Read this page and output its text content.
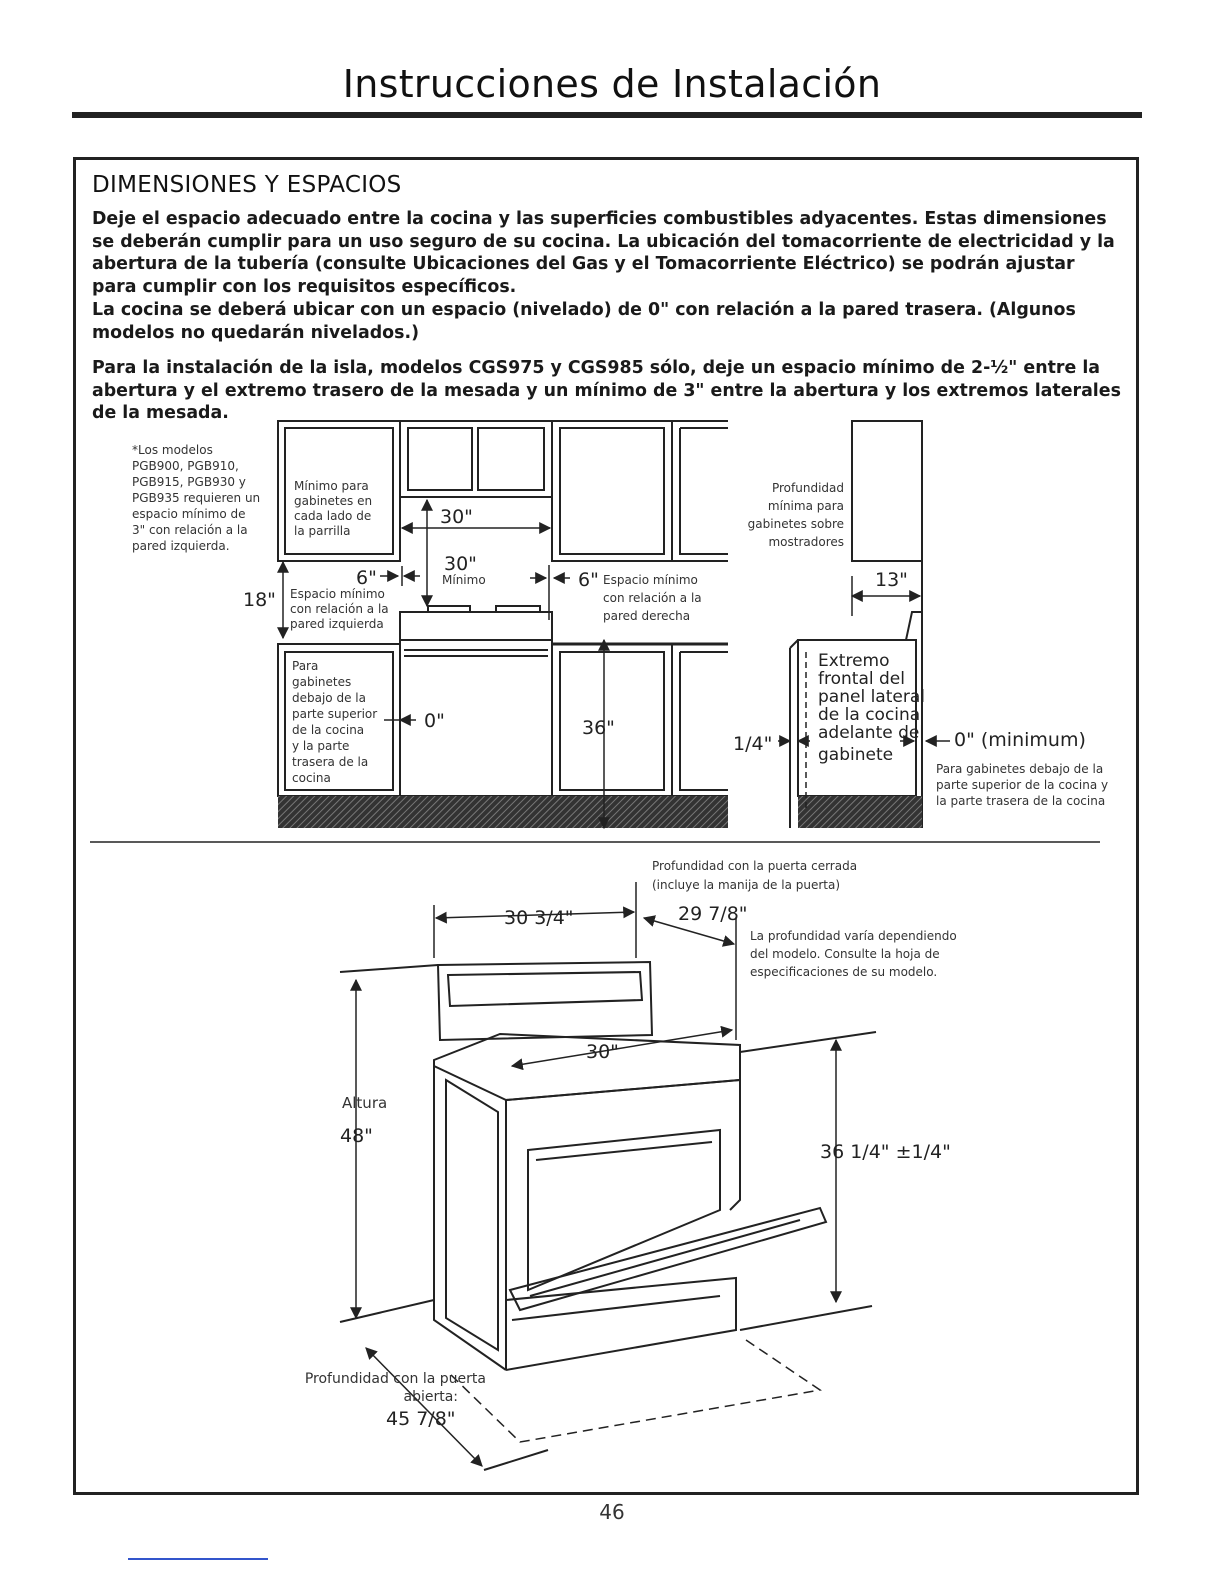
Instrucciones de Instalación
DIMENSIONES Y ESPACIOS

Deje el espacio adecuado entre la cocina y las superficies combustibles adyacentes. Estas dimensiones se deberán cumplir para un uso seguro de su cocina. La ubicación del tomacorriente de electricidad y la abertura de la tubería (consulte Ubicaciones del Gas y el Tomacorriente Eléctrico) se podrán ajustar para cumplir con los requisitos específicos.

La cocina se deberá ubicar con un espacio (nivelado) de 0" con relación a la pared trasera. (Algunos modelos no quedarán nivelados.)

Para la instalación de la isla, modelos CGS975 y CGS985 sólo, deje un espacio mínimo de 2-½" entre la abertura y el extremo trasero de la mesada y un mínimo de 3" entre la abertura y los extremos laterales de la mesada.

*Los modelos
PGB900, PGB910,
PGB915, PGB930 y
PGB935 requieren un
espacio mínimo de
3" con relación a la
pared izquierda.
Mínimo para
gabinetes en
cada lado de
la parrilla
Mínimo
Espacio mínimo
con relación a la
pared izquierda
Espacio mínimo
con relación a la
pared derecha
Para
gabinetes
debajo de la
parte superior
de la cocina
y la parte
trasera de la
cocina
Profundidad
mínima para
gabinetes sobre
mostradores
Para gabinetes debajo de la
parte superior de la cocina y
la parte trasera de la cocina
30"
30"
18"
6"	6"
0"	36"
13"
1/4"	0" (minimum)
Extremo
frontal del
panel lateral
de la cocina
adelante del
gabinete
Profundidad con la puerta cerrada
(incluye la manija de la puerta)
La profundidad varía dependiendo
del modelo. Consulte la hoja de
especificaciones de su modelo.
Altura
Profundidad con la puerta
abierta:
30 3/4"	29 7/8"
30"
48"
36 1/4" ±1/4"
45 7/8"
46
